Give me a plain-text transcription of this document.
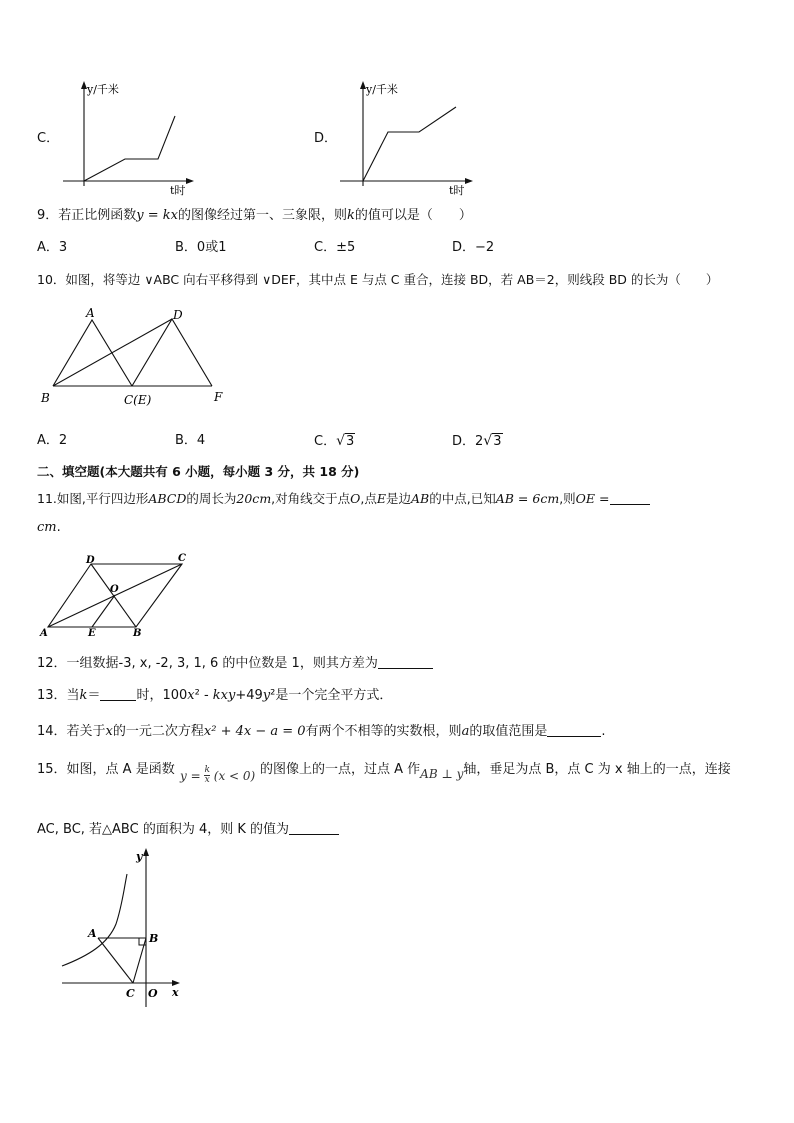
C．
y/千米
t时
D．
y/千米
t时
9．若正比例函数y = kx的图像经过第一、三象限，则k的值可以是（　　）
A．3	B．0或1	C．±5	D．−2
10．如图，将等边 ∨ABC 向右平移得到 ∨DEF，其中点 E 与点 C 重合，连接 BD，若 AB＝2，则线段 BD 的长为（　　）
A	D
B	C(E)	F
A．2	B．4	C．√3	D．2√3
二、填空题(本大题共有 6 小题，每小题 3 分，共 18 分)
11.如图,平行四边形ABCD的周长为20cm,对角线交于点O,点E是边AB的中点,已知AB = 6cm,则OE =
cm.
D	C
O
A	E	B
12．一组数据-3, x, -2, 3, 1, 6 的中位数是 1，则其方差为
13．当k＝	时，100x² - kxy+49y²是一个完全平方式．
14．若关于x的一元二次方程x² + 4x − a = 0有两个不相等的实数根，则a的取值范围是	.
15．如图，点 A 是函数 $y = \frac{k}{x} (x < 0)$ 的图像上的一点，过点 A 作AB ⊥ y轴，垂足为点 B，点 C 为 x 轴上的一点，连接
AC, BC, 若△ABC 的面积为 4，则 K 的值为
y
A	B
C O x
